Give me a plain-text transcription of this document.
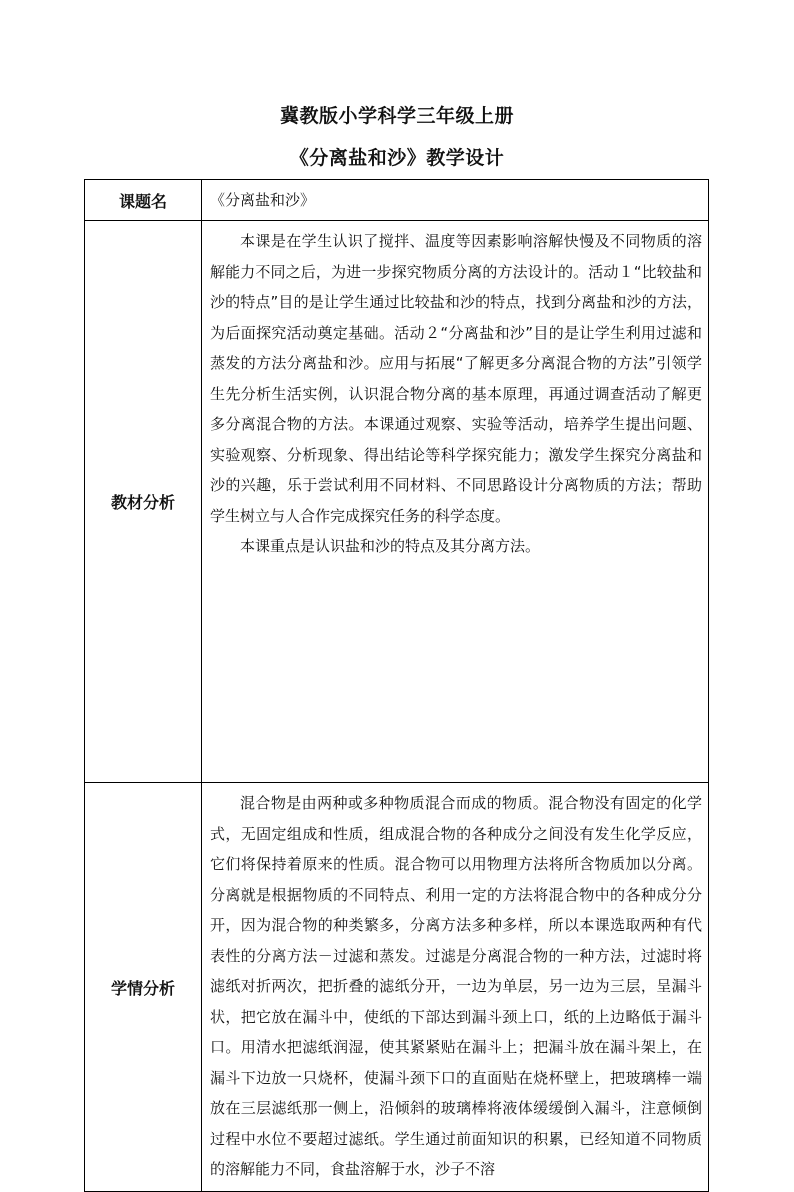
冀教版小学科学三年级上册
《分离盐和沙》教学设计
课题名	《分离盐和沙》
教材分析	本课是在学生认识了搅拌、温度等因素影响溶解快慢及不同物质的溶解能力不同之后，为进一步探究物质分离的方法设计的。活动１“比较盐和沙的特点”目的是让学生通过比较盐和沙的特点，找到分离盐和沙的方法，为后面探究活动奠定基础。活动２“分离盐和沙”目的是让学生利用过滤和蒸发的方法分离盐和沙。应用与拓展“了解更多分离混合物的方法”引领学生先分析生活实例，认识混合物分离的基本原理，再通过调查活动了解更多分离混合物的方法。本课通过观察、实验等活动，培养学生提出问题、实验观察、分析现象、得出结论等科学探究能力；激发学生探究分离盐和沙的兴趣，乐于尝试利用不同材料、不同思路设计分离物质的方法；帮助学生树立与人合作完成探究任务的科学态度。

本课重点是认识盐和沙的特点及其分离方法。

学情分析	混合物是由两种或多种物质混合而成的物质。混合物没有固定的化学式，无固定组成和性质，组成混合物的各种成分之间没有发生化学反应，它们将保持着原来的性质。混合物可以用物理方法将所含物质加以分离。分离就是根据物质的不同特点、利用一定的方法将混合物中的各种成分分开，因为混合物的种类繁多，分离方法多种多样，所以本课选取两种有代表性的分离方法－过滤和蒸发。过滤是分离混合物的一种方法，过滤时将滤纸对折两次，把折叠的滤纸分开，一边为单层，另一边为三层，呈漏斗状，把它放在漏斗中，使纸的下部达到漏斗颈上口，纸的上边略低于漏斗口。用清水把滤纸润湿，使其紧紧贴在漏斗上；把漏斗放在漏斗架上，在漏斗下边放一只烧杯，使漏斗颈下口的直面贴在烧杯壁上，把玻璃棒一端放在三层滤纸那一侧上，沿倾斜的玻璃棒将液体缓缓倒入漏斗，注意倾倒过程中水位不要超过滤纸。学生通过前面知识的积累，已经知道不同物质的溶解能力不同，食盐溶解于水，沙子不溶
